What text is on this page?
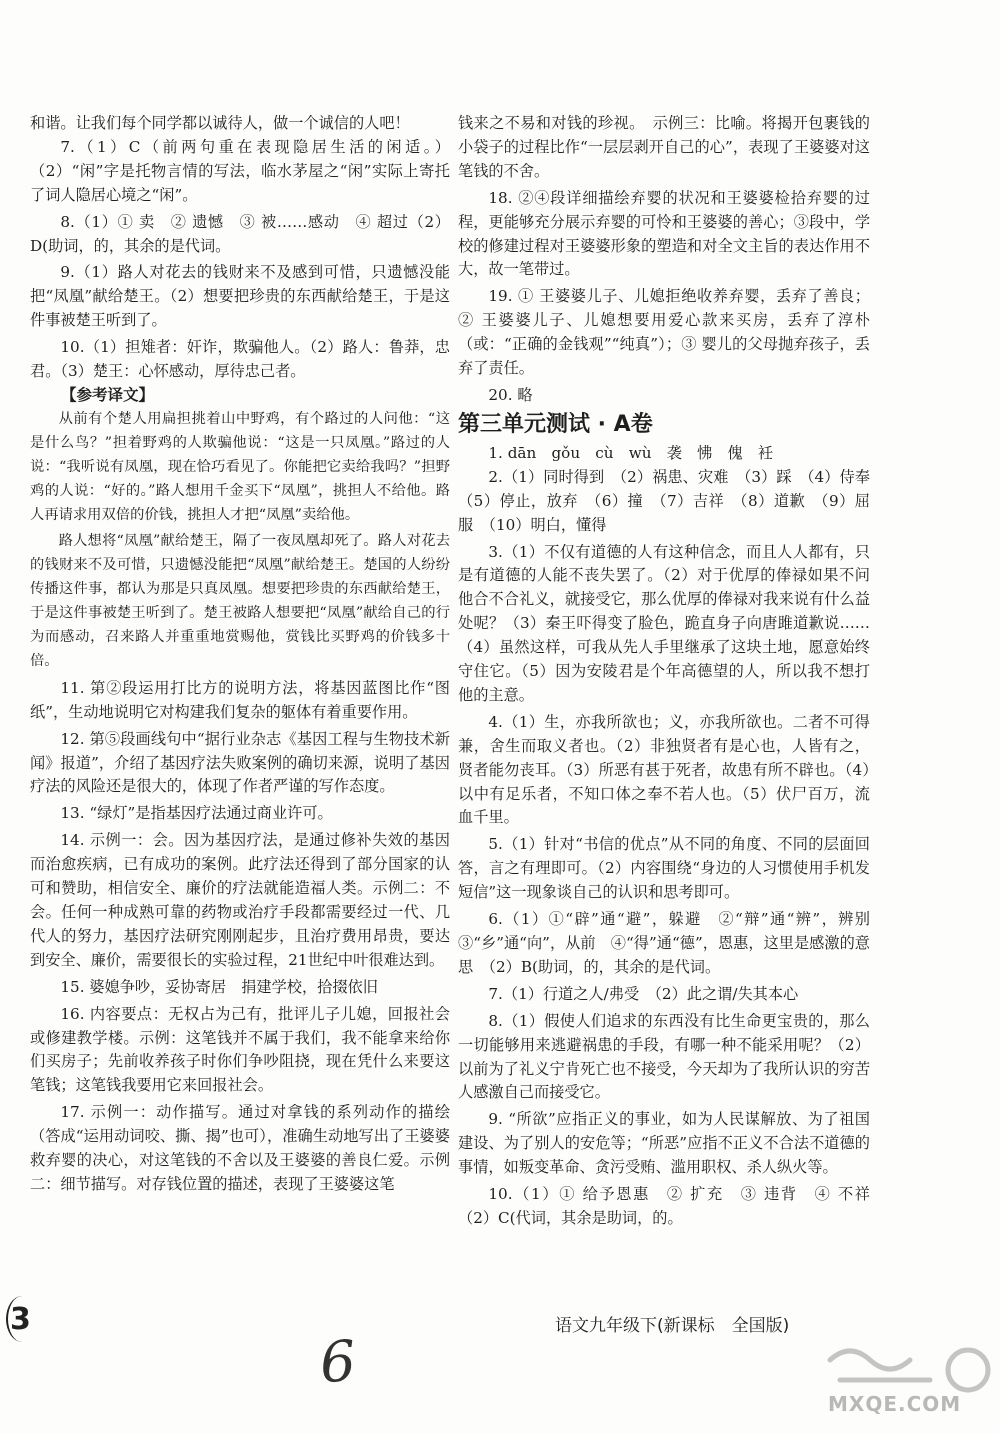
和谐。让我们每个同学都以诚待人，做一个诚信的人吧！

7.（1）C（前两句重在表现隐居生活的闲适。）（2）“闲”字是托物言情的写法，临水茅屋之“闲”实际上寄托了词人隐居心境之“闲”。

8.（1）① 卖　② 遗憾　③ 被……感动　④ 超过（2）D(助词，的，其余的是代词。

9.（1）路人对花去的钱财来不及感到可惜，只遗憾没能把“凤凰”献给楚王。（2）想要把珍贵的东西献给楚王，于是这件事被楚王听到了。

10.（1）担雉者：奸诈，欺骗他人。（2）路人：鲁莽，忠君。（3）楚王：心怀感动，厚待忠己者。

【参考译文】

从前有个楚人用扁担挑着山中野鸡，有个路过的人问他：“这是什么鸟？”担着野鸡的人欺骗他说：“这是一只凤凰。”路过的人说：“我听说有凤凰，现在恰巧看见了。你能把它卖给我吗？”担野鸡的人说：“好的。”路人想用千金买下“凤凰”，挑担人不给他。路人再请求用双倍的价钱，挑担人才把“凤凰”卖给他。

路人想将“凤凰”献给楚王，隔了一夜凤凰却死了。路人对花去的钱财来不及可惜，只遗憾没能把“凤凰”献给楚王。楚国的人纷纷传播这件事，都认为那是只真凤凰。想要把珍贵的东西献给楚王，于是这件事被楚王听到了。楚王被路人想要把“凤凰”献给自己的行为而感动，召来路人并重重地赏赐他，赏钱比买野鸡的价钱多十倍。

11. 第②段运用打比方的说明方法，将基因蓝图比作“图纸”，生动地说明它对构建我们复杂的躯体有着重要作用。

12. 第⑤段画线句中“据行业杂志《基因工程与生物技术新闻》报道”，介绍了基因疗法失败案例的确切来源，说明了基因疗法的风险还是很大的，体现了作者严谨的写作态度。

13. “绿灯”是指基因疗法通过商业许可。

14. 示例一：会。因为基因疗法，是通过修补失效的基因而治愈疾病，已有成功的案例。此疗法还得到了部分国家的认可和赞助，相信安全、廉价的疗法就能造福人类。示例二：不会。任何一种成熟可靠的药物或治疗手段都需要经过一代、几代人的努力，基因疗法研究刚刚起步，且治疗费用昂贵，要达到安全、廉价，需要很长的实验过程，21世纪中叶很难达到。

15. 婆媳争吵，妥协寄居　捐建学校，拾掇依旧

16. 内容要点：无权占为己有，批评儿子儿媳，回报社会或修建教学楼。示例：这笔钱并不属于我们，我不能拿来给你们买房子；先前收养孩子时你们争吵阻挠，现在凭什么来要这笔钱；这笔钱我要用它来回报社会。

17. 示例一：动作描写。通过对拿钱的系列动作的描绘（答成“运用动词咬、撕、揭”也可），准确生动地写出了王婆婆救弃婴的决心，对这笔钱的不舍以及王婆婆的善良仁爱。示例二：细节描写。对存钱位置的描述，表现了王婆婆这笔

钱来之不易和对钱的珍视。　示例三：比喻。将揭开包裹钱的小袋子的过程比作“一层层剥开自己的心”，表现了王婆婆对这笔钱的不舍。

18. ②④段详细描绘弃婴的状况和王婆婆检拾弃婴的过程，更能够充分展示弃婴的可怜和王婆婆的善心；③段中，学校的修建过程对王婆婆形象的塑造和对全文主旨的表达作用不大，故一笔带过。

19. ① 王婆婆儿子、儿媳拒绝收养弃婴，丢弃了善良；② 王婆婆儿子、儿媳想要用爱心款来买房，丢弃了淳朴（或：“正确的金钱观”“纯真”）；③ 婴儿的父母抛弃孩子，丢弃了责任。

20. 略

第三单元测试 · A卷

1. dān　gǒu　cù　wù　袭　怫　傀　衽

2.（1）同时得到　（2）祸患、灾难　（3）踩　（4）侍奉　（5）停止，放弃　（6）撞　（7）吉祥　（8）道歉　（9）屈服　（10）明白，懂得

3.（1）不仅有道德的人有这种信念，而且人人都有，只是有道德的人能不丧失罢了。（2）对于优厚的俸禄如果不问他合不合礼义，就接受它，那么优厚的俸禄对我来说有什么益处呢？（3）秦王吓得变了脸色，跪直身子向唐雎道歉说……（4）虽然这样，可我从先人手里继承了这块土地，愿意始终守住它。（5）因为安陵君是个年高德望的人，所以我不想打他的主意。

4.（1）生，亦我所欲也；义，亦我所欲也。二者不可得兼，舍生而取义者也。（2）非独贤者有是心也，人皆有之，贤者能勿丧耳。（3）所恶有甚于死者，故患有所不辟也。（4）以中有足乐者，不知口体之奉不若人也。（5）伏尸百万，流血千里。

5.（1）针对“书信的优点”从不同的角度、不同的层面回答，言之有理即可。（2）内容围绕“身边的人习惯使用手机发短信”这一现象谈自己的认识和思考即可。

6.（1）①“辟”通“避”，躲避　②“辩”通“辨”，辨别　③“乡”通“向”，从前　④“得”通“德”，恩惠，这里是感激的意思　（2）B(助词，的，其余的是代词。

7.（1）行道之人/弗受　（2）此之谓/失其本心

8.（1）假使人们追求的东西没有比生命更宝贵的，那么一切能够用来逃避祸患的手段，有哪一种不能采用呢？（2）以前为了礼义宁肯死亡也不接受，今天却为了我所认识的穷苦人感激自己而接受它。

9. “所欲”应指正义的事业，如为人民谋解放、为了祖国建设、为了别人的安危等；“所恶”应指不正义不合法不道德的事情，如叛变革命、贪污受贿、滥用职权、杀人纵火等。

10.（1）① 给予恩惠　② 扩充　③ 违背　④ 不祥　（2）C(代词，其余是助词，的。

3	语文九年级下(新课标　全国版)
6
MXQE.COM
